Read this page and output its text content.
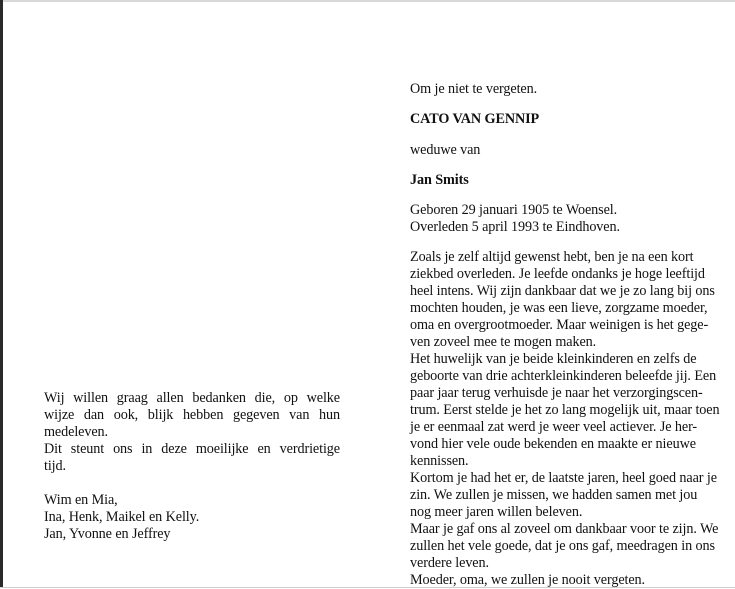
Om je niet te vergeten.
CATO VAN GENNIP
weduwe van
Jan Smits
Geboren 29 januari 1905 te Woensel.
Overleden 5 april 1993 te Eindhoven.
Zoals je zelf altijd gewenst hebt, ben je na een kort
ziekbed overleden. Je leefde ondanks je hoge leeftijd
heel intens. Wij zijn dankbaar dat we je zo lang bij ons
mochten houden, je was een lieve, zorgzame moeder,
oma en overgrootmoeder. Maar weinigen is het gege-
ven zoveel mee te mogen maken.
Het huwelijk van je beide kleinkinderen en zelfs de
geboorte van drie achterkleinkinderen beleefde jij. Een
paar jaar terug verhuisde je naar het verzorgingscen-
trum. Eerst stelde je het zo lang mogelijk uit, maar toen
je er eenmaal zat werd je weer veel actiever. Je her-
vond hier vele oude bekenden en maakte er nieuwe
kennissen.
Kortom je had het er, de laatste jaren, heel goed naar je
zin. We zullen je missen, we hadden samen met jou
nog meer jaren willen beleven.
Maar je gaf ons al zoveel om dankbaar voor te zijn. We
zullen het vele goede, dat je ons gaf, meedragen in ons
verdere leven.
Moeder, oma, we zullen je nooit vergeten.
Wij willen graag allen bedanken die, op welke
wijze dan ook, blijk hebben gegeven van hun
medeleven.
Dit steunt ons in deze moeilijke en verdrietige
tijd.
Wim en Mia,
Ina, Henk, Maikel en Kelly.
Jan, Yvonne en Jeffrey
